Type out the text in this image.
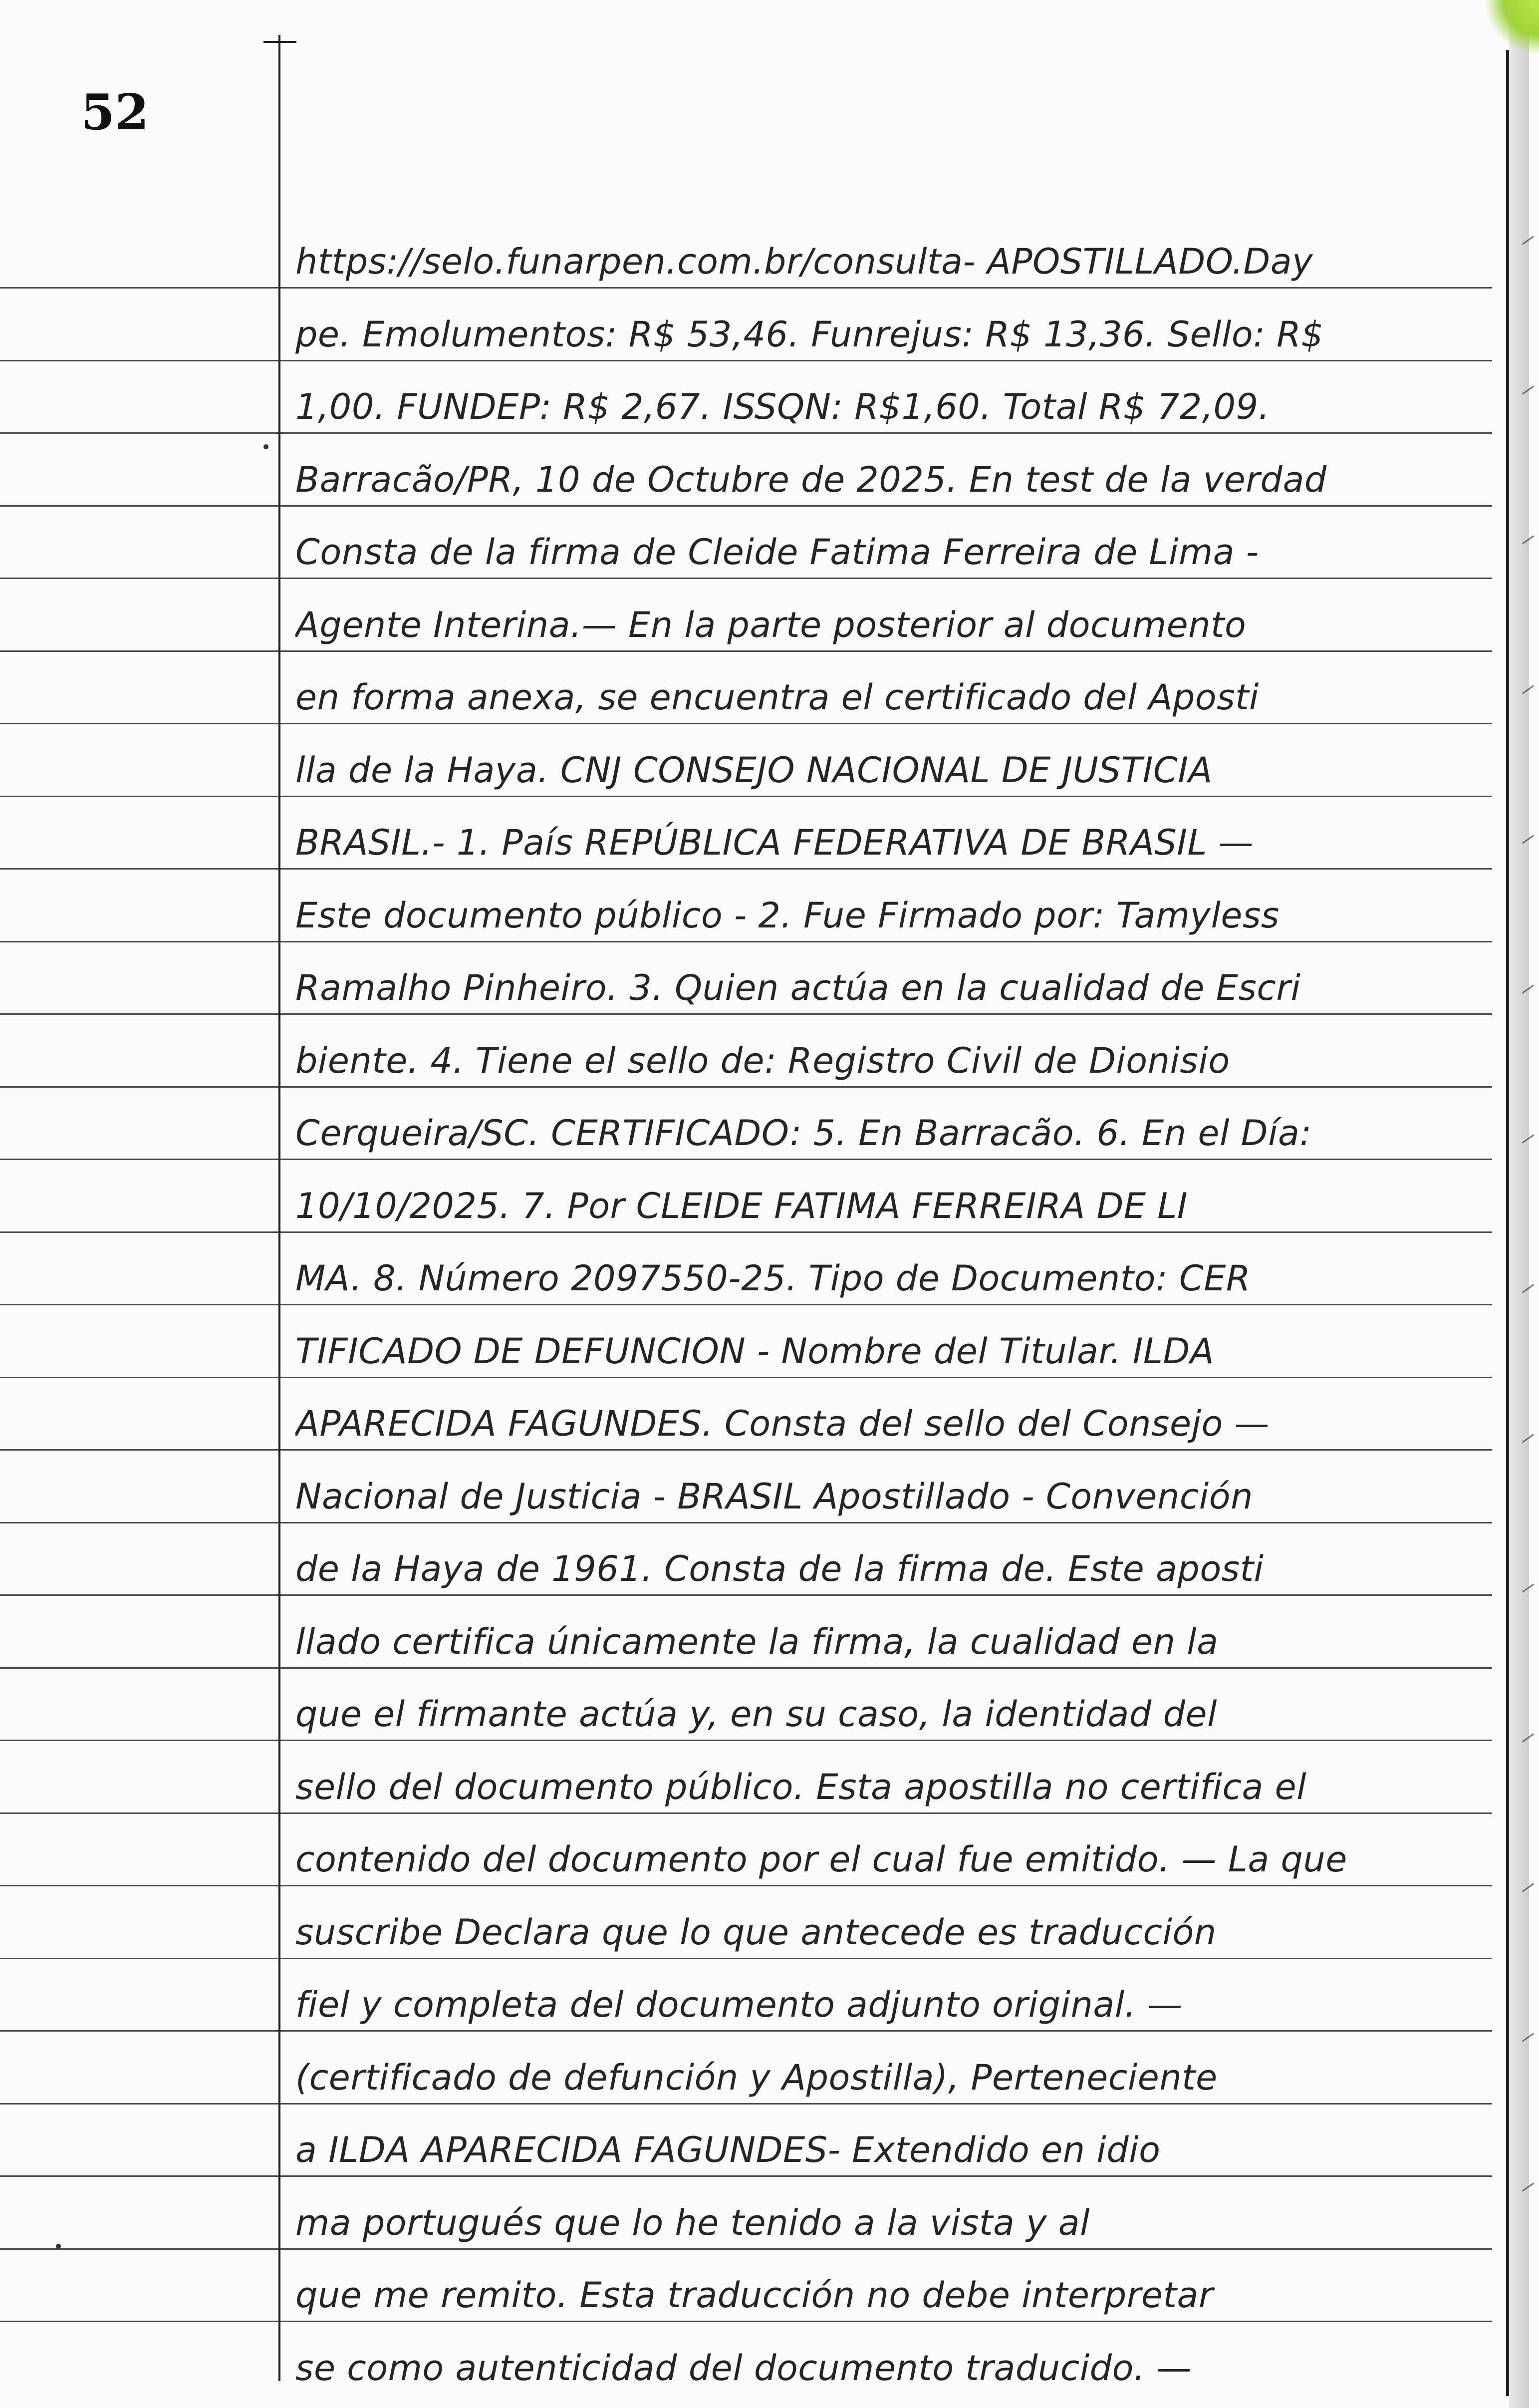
52
https://selo.funarpen.com.br/consulta- APOSTILLADO.Day
pe. Emolumentos: R$ 53,46. Funrejus: R$ 13,36. Sello: R$
1,00. FUNDEP: R$ 2,67. ISSQN: R$1,60. Total R$ 72,09.
Barracão/PR, 10 de Octubre de 2025. En test de la verdad
Consta de la firma de Cleide Fatima Ferreira de Lima -
Agente Interina.— En la parte posterior al documento
en forma anexa, se encuentra el certificado del Aposti
lla de la Haya. CNJ CONSEJO NACIONAL DE JUSTICIA
BRASIL.- 1. País REPÚBLICA FEDERATIVA DE BRASIL —
Este documento público - 2. Fue Firmado por: Tamyless
Ramalho Pinheiro. 3. Quien actúa en la cualidad de Escri
biente. 4. Tiene el sello de: Registro Civil de Dionisio
Cerqueira/SC. CERTIFICADO: 5. En Barracão. 6. En el Día:
10/10/2025. 7. Por CLEIDE FATIMA FERREIRA DE LI
MA. 8. Número 2097550-25. Tipo de Documento: CER
TIFICADO DE DEFUNCION - Nombre del Titular. ILDA
APARECIDA FAGUNDES. Consta del sello del Consejo —
Nacional de Justicia - BRASIL Apostillado - Convención
de la Haya de 1961. Consta de la firma de. Este aposti
llado certifica únicamente la firma, la cualidad en la
que el firmante actúa y, en su caso, la identidad del
sello del documento público. Esta apostilla no certifica el
contenido del documento por el cual fue emitido. — La que
suscribe Declara que lo que antecede es traducción
fiel y completa del documento adjunto original. —
(certificado de defunción y Apostilla), Perteneciente
a ILDA APARECIDA FAGUNDES- Extendido en idio
ma portugués que lo he tenido a la vista y al
que me remito. Esta traducción no debe interpretar
se como autenticidad del documento traducido. —
